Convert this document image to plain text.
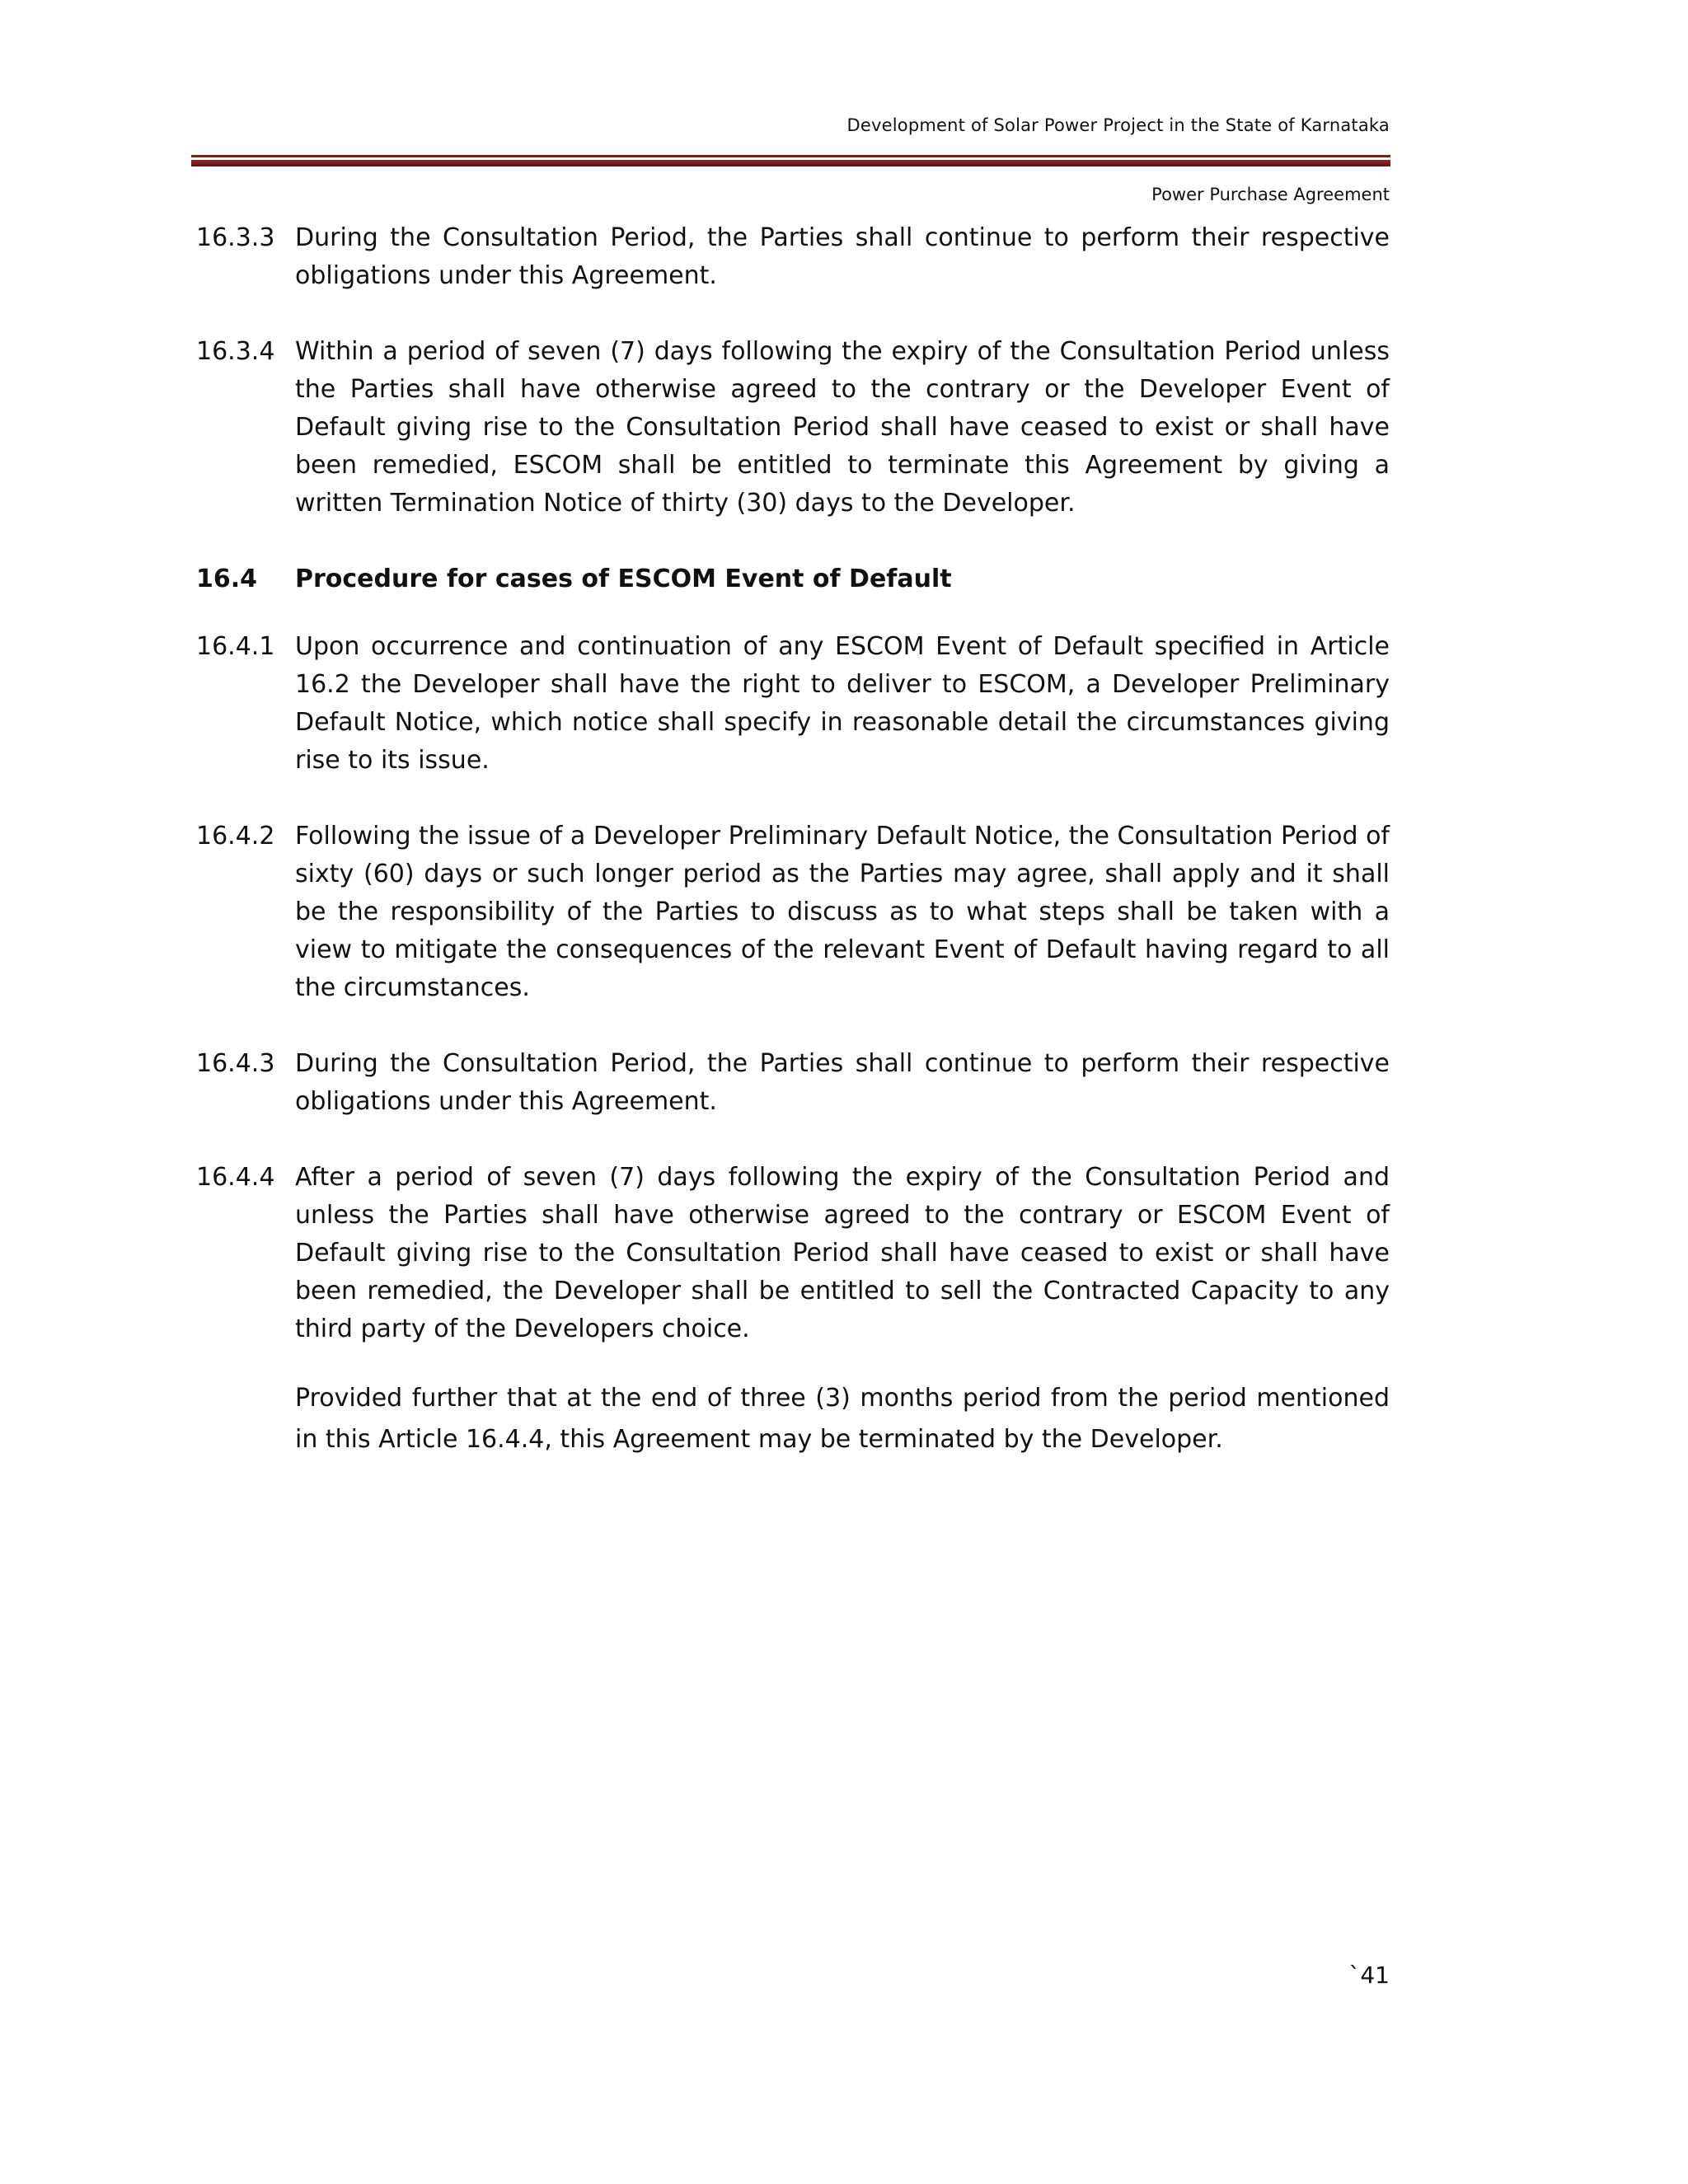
Development of Solar Power Project in the State of Karnataka
Power Purchase Agreement
16.3.3 During the Consultation Period, the Parties shall continue to perform their respective obligations under this Agreement.
16.3.4 Within a period of seven (7) days following the expiry of the Consultation Period unless the Parties shall have otherwise agreed to the contrary or the Developer Event of Default giving rise to the Consultation Period shall have ceased to exist or shall have been remedied, ESCOM shall be entitled to terminate this Agreement by giving a written Termination Notice of thirty (30) days to the Developer.
16.4	Procedure for cases of ESCOM Event of Default
16.4.1 Upon occurrence and continuation of any ESCOM Event of Default specified in Article 16.2 the Developer shall have the right to deliver to ESCOM, a Developer Preliminary Default Notice, which notice shall specify in reasonable detail the circumstances giving rise to its issue.
16.4.2 Following the issue of a Developer Preliminary Default Notice, the Consultation Period of sixty (60) days or such longer period as the Parties may agree, shall apply and it shall be the responsibility of the Parties to discuss as to what steps shall be taken with a view to mitigate the consequences of the relevant Event of Default having regard to all the circumstances.
16.4.3 During the Consultation Period, the Parties shall continue to perform their respective obligations under this Agreement.
16.4.4 After a period of seven (7) days following the expiry of the Consultation Period and unless the Parties shall have otherwise agreed to the contrary or ESCOM Event of Default giving rise to the Consultation Period shall have ceased to exist or shall have been remedied, the Developer shall be entitled to sell the Contracted Capacity to any third party of the Developers choice.
Provided further that at the end of three (3) months period from the period mentioned in this Article 16.4.4, this Agreement may be terminated by the Developer.
`41
